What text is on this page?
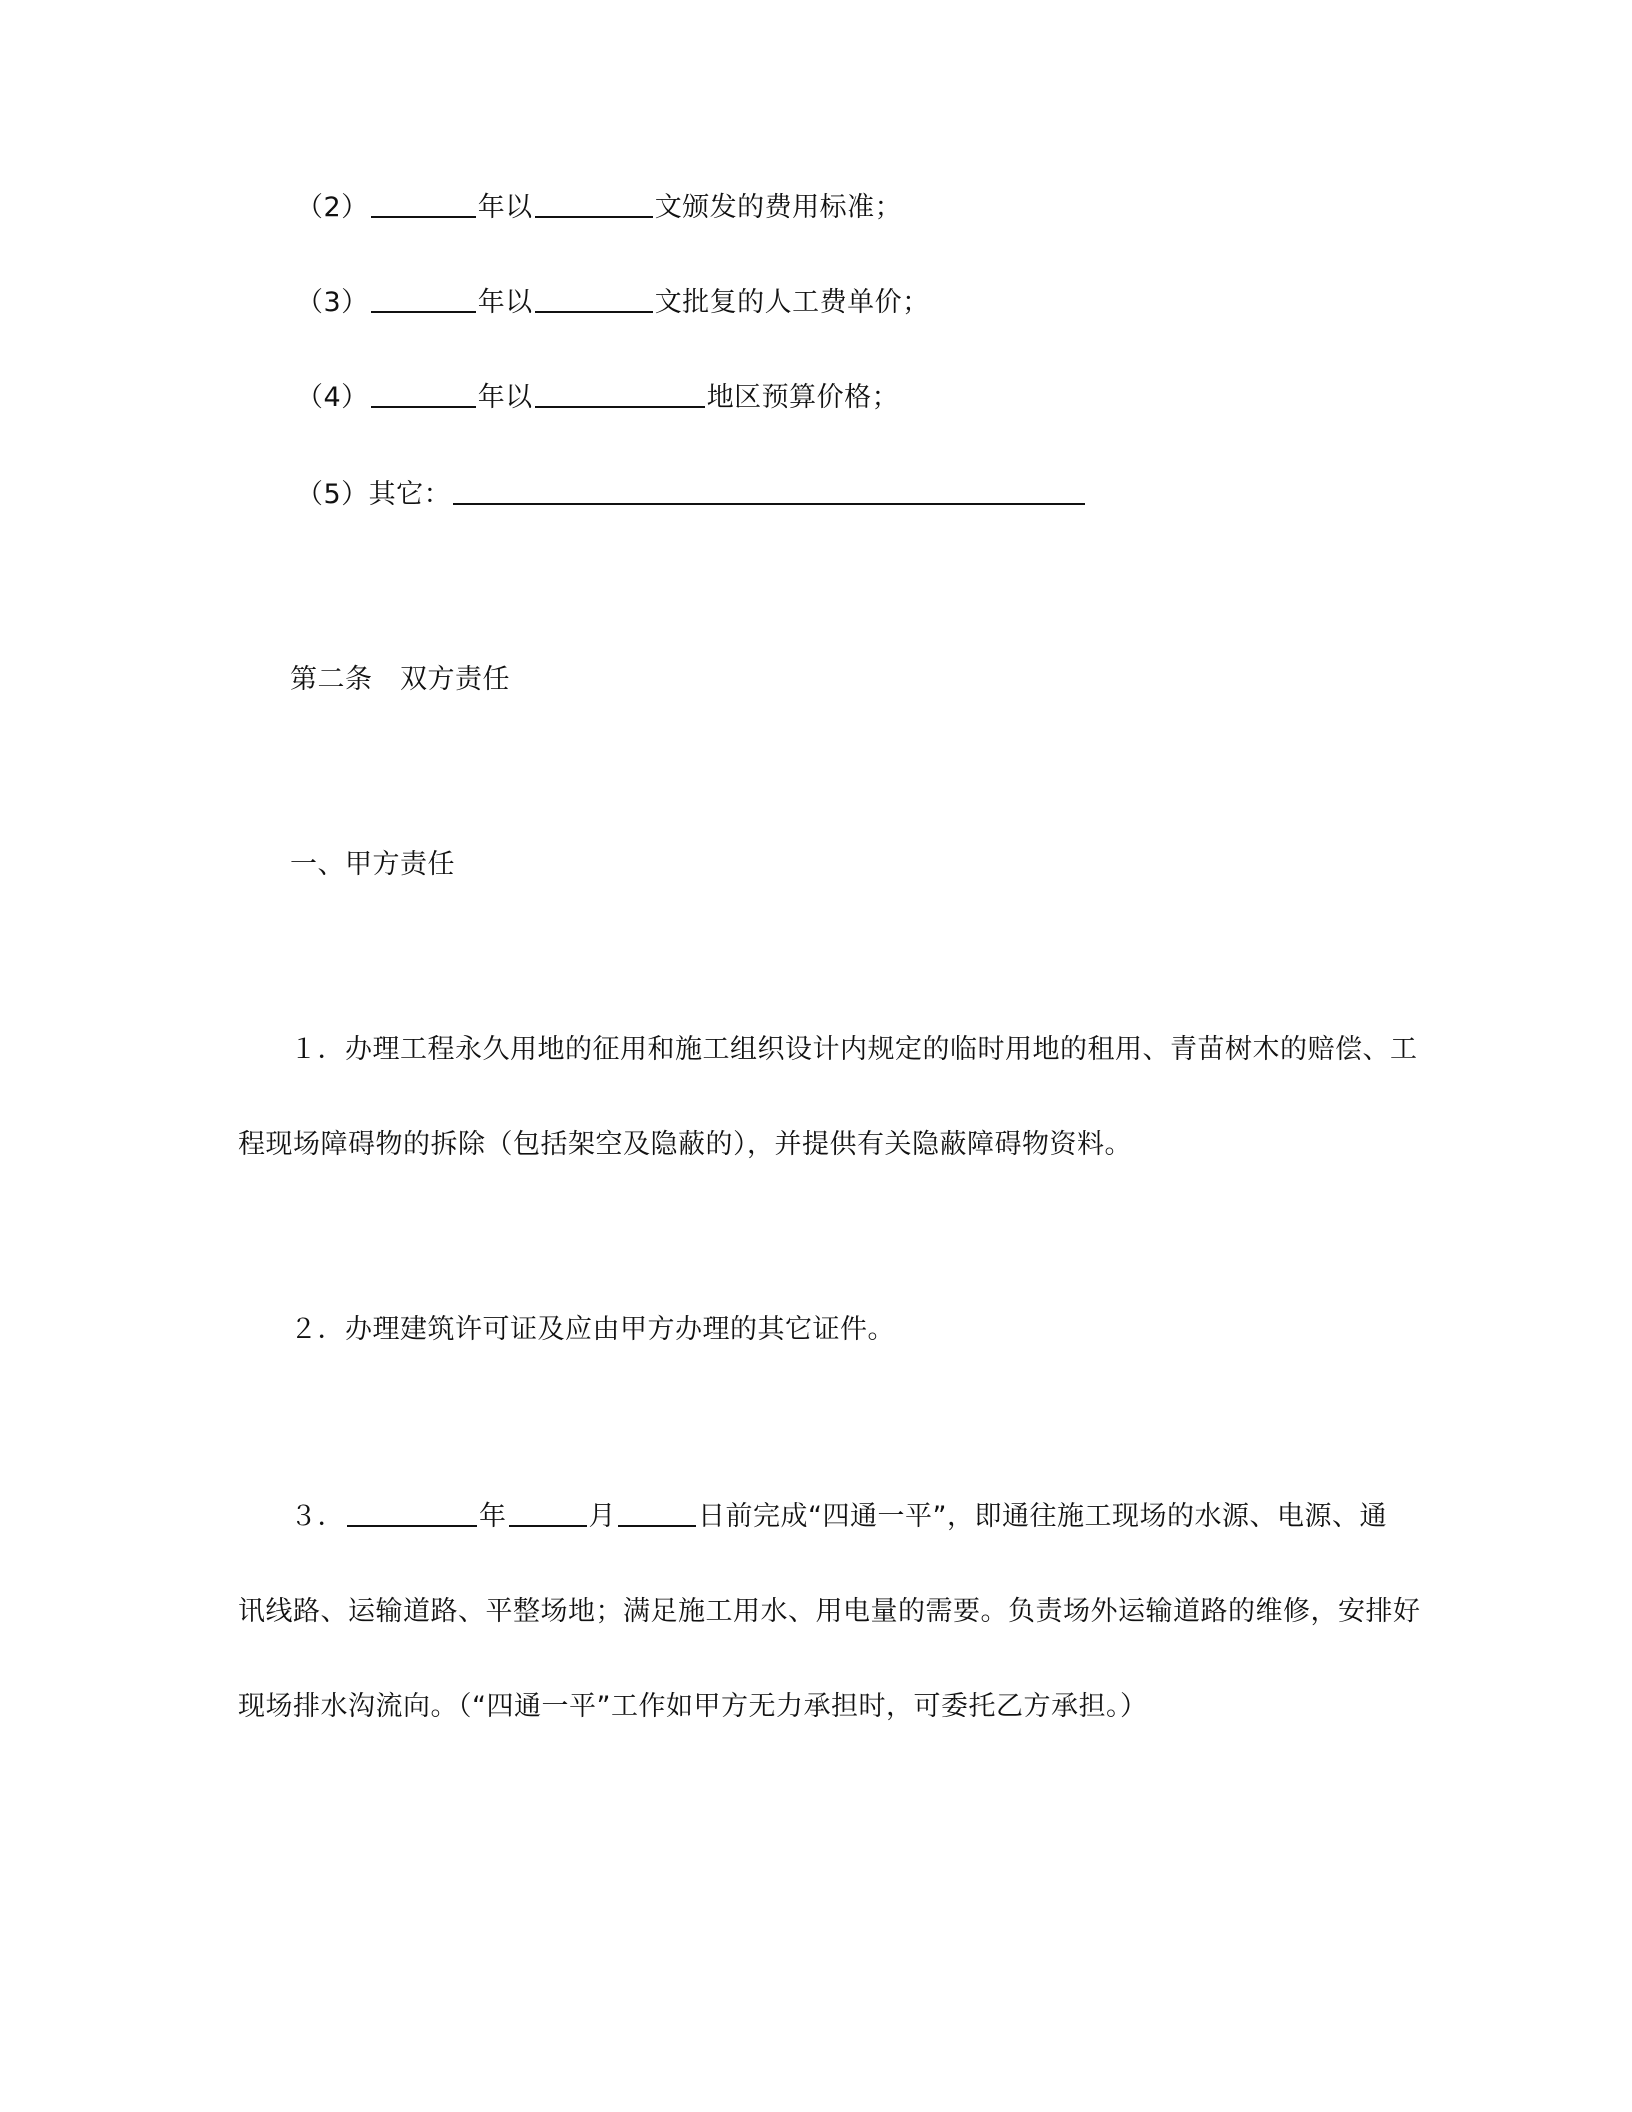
（2）	年以	文颁发的费用标准；
（3）	年以	文批复的人工费单价；
（4）	年以	地区预算价格；
（5）其它：
第二条　双方责任
一、甲方责任
１．办理工程永久用地的征用和施工组织设计内规定的临时用地的租用、青苗树木的赔偿、工
程现场障碍物的拆除（包括架空及隐蔽的），并提供有关隐蔽障碍物资料。
２．办理建筑许可证及应由甲方办理的其它证件。
３．	年	月	日前完成“四通一平”，即通往施工现场的水源、电源、通
讯线路、运输道路、平整场地；满足施工用水、用电量的需要。负责场外运输道路的维修，安排好
现场排水沟流向。（“四通一平”工作如甲方无力承担时，可委托乙方承担。）
